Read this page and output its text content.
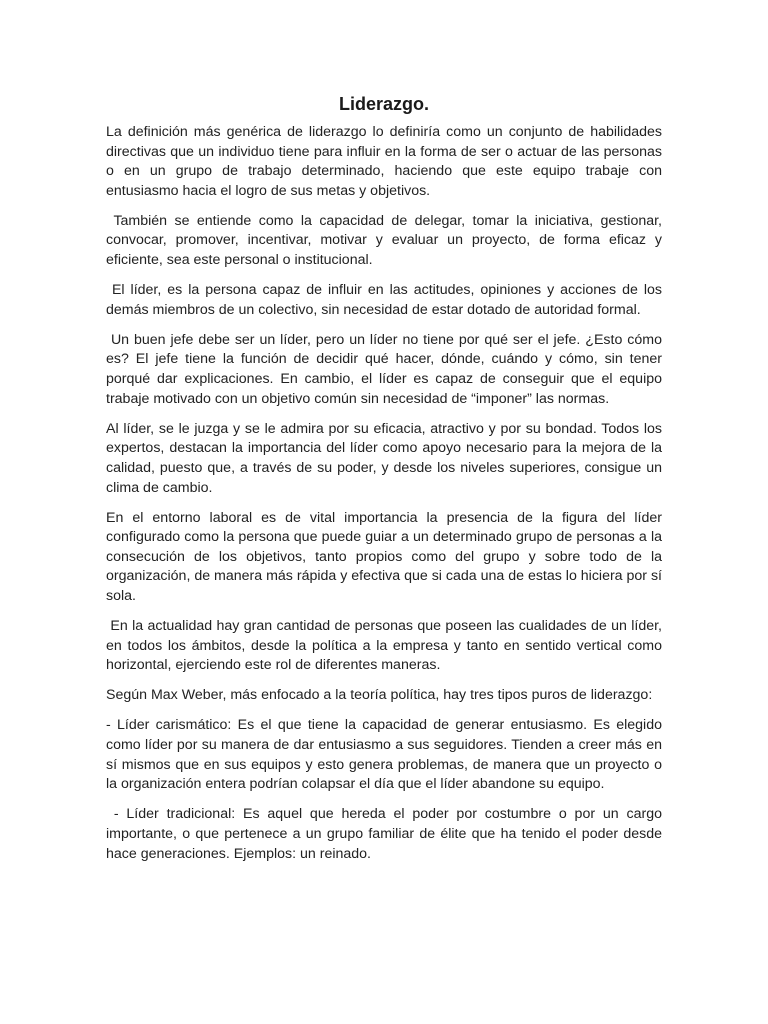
Liderazgo.

La definición más genérica de liderazgo lo definiría como un conjunto de habilidades directivas que un individuo tiene para influir en la forma de ser o actuar de las personas o en un grupo de trabajo determinado, haciendo que este equipo trabaje con entusiasmo hacia el logro de sus metas y objetivos.

También se entiende como la capacidad de delegar, tomar la iniciativa, gestionar, convocar, promover, incentivar, motivar y evaluar un proyecto, de forma eficaz y eficiente, sea este personal o institucional.

El líder, es la persona capaz de influir en las actitudes, opiniones y acciones de los demás miembros de un colectivo, sin necesidad de estar dotado de autoridad formal.

Un buen jefe debe ser un líder, pero un líder no tiene por qué ser el jefe. ¿Esto cómo es? El jefe tiene la función de decidir qué hacer, dónde, cuándo y cómo, sin tener porqué dar explicaciones. En cambio, el líder es capaz de conseguir que el equipo trabaje motivado con un objetivo común sin necesidad de “imponer” las normas.

Al líder, se le juzga y se le admira por su eficacia, atractivo y por su bondad. Todos los expertos, destacan la importancia del líder como apoyo necesario para la mejora de la calidad, puesto que, a través de su poder, y desde los niveles superiores, consigue un clima de cambio.

En el entorno laboral es de vital importancia la presencia de la figura del líder configurado como la persona que puede guiar a un determinado grupo de personas a la consecución de los objetivos, tanto propios como del grupo y sobre todo de la organización, de manera más rápida y efectiva que si cada una de estas lo hiciera por sí sola.

En la actualidad hay gran cantidad de personas que poseen las cualidades de un líder, en todos los ámbitos, desde la política a la empresa y tanto en sentido vertical como horizontal, ejerciendo este rol de diferentes maneras.

Según Max Weber, más enfocado a la teoría política, hay tres tipos puros de liderazgo:

- Líder carismático: Es el que tiene la capacidad de generar entusiasmo. Es elegido como líder por su manera de dar entusiasmo a sus seguidores. Tienden a creer más en sí mismos que en sus equipos y esto genera problemas, de manera que un proyecto o la organización entera podrían colapsar el día que el líder abandone su equipo.

- Líder tradicional: Es aquel que hereda el poder por costumbre o por un cargo importante, o que pertenece a un grupo familiar de élite que ha tenido el poder desde hace generaciones. Ejemplos: un reinado.
